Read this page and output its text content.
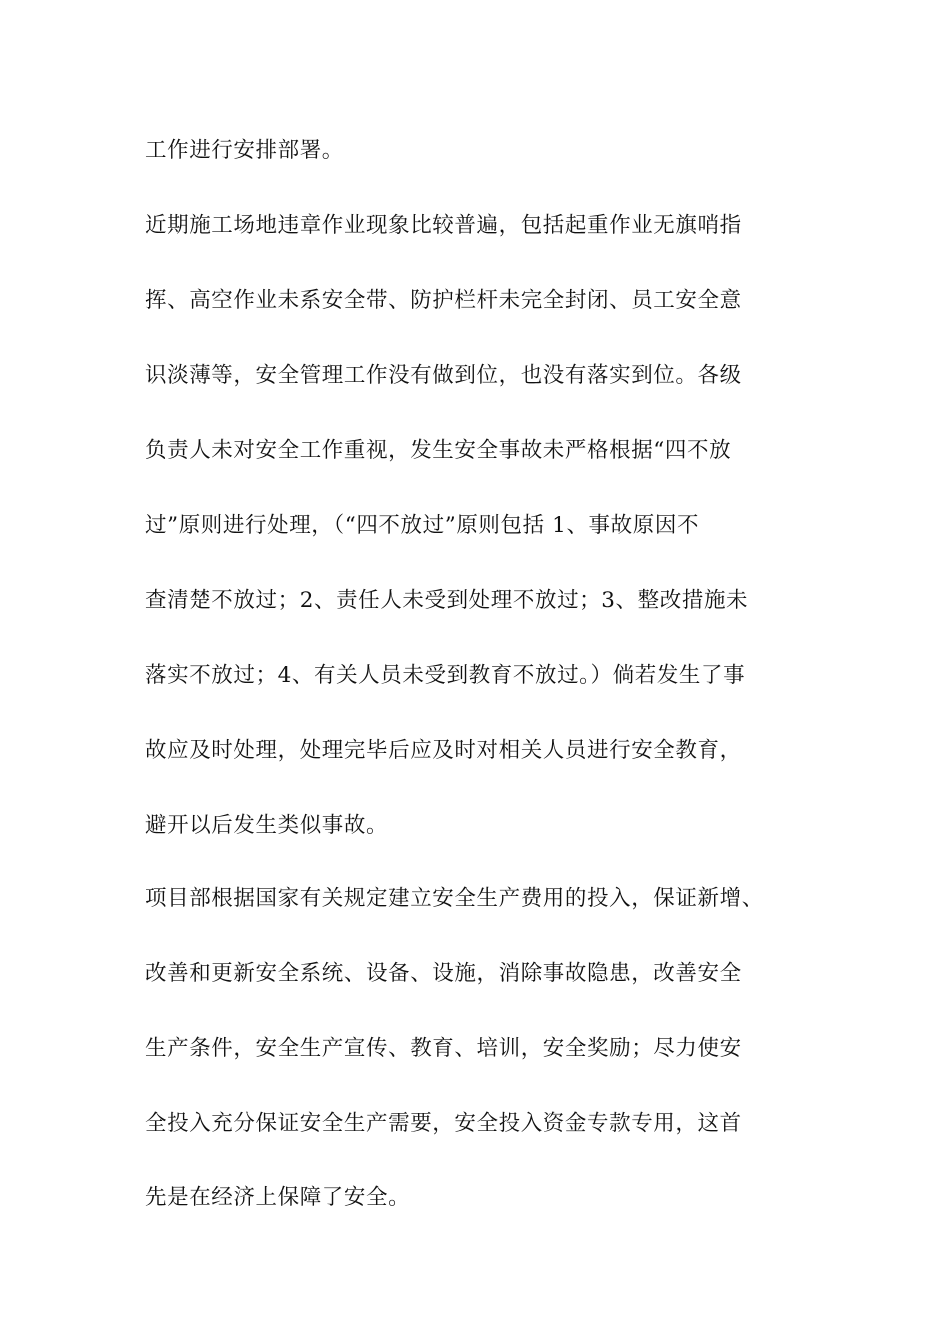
工作进行安排部署。
近期施工场地违章作业现象比较普遍，包括起重作业无旗哨指
挥、高空作业未系安全带、防护栏杆未完全封闭、员工安全意
识淡薄等，安全管理工作没有做到位，也没有落实到位。各级
负责人未对安全工作重视，发生安全事故未严格根据“四不放
过”原则进行处理，（“四不放过”原则包括 1、事故原因不
查清楚不放过；2、责任人未受到处理不放过；3、整改措施未
落实不放过；4、有关人员未受到教育不放过。）倘若发生了事
故应及时处理，处理完毕后应及时对相关人员进行安全教育，
避开以后发生类似事故。
项目部根据国家有关规定建立安全生产费用的投入，保证新增、
改善和更新安全系统、设备、设施，消除事故隐患，改善安全
生产条件，安全生产宣传、教育、培训，安全奖励；尽力使安
全投入充分保证安全生产需要，安全投入资金专款专用，这首
先是在经济上保障了安全。
